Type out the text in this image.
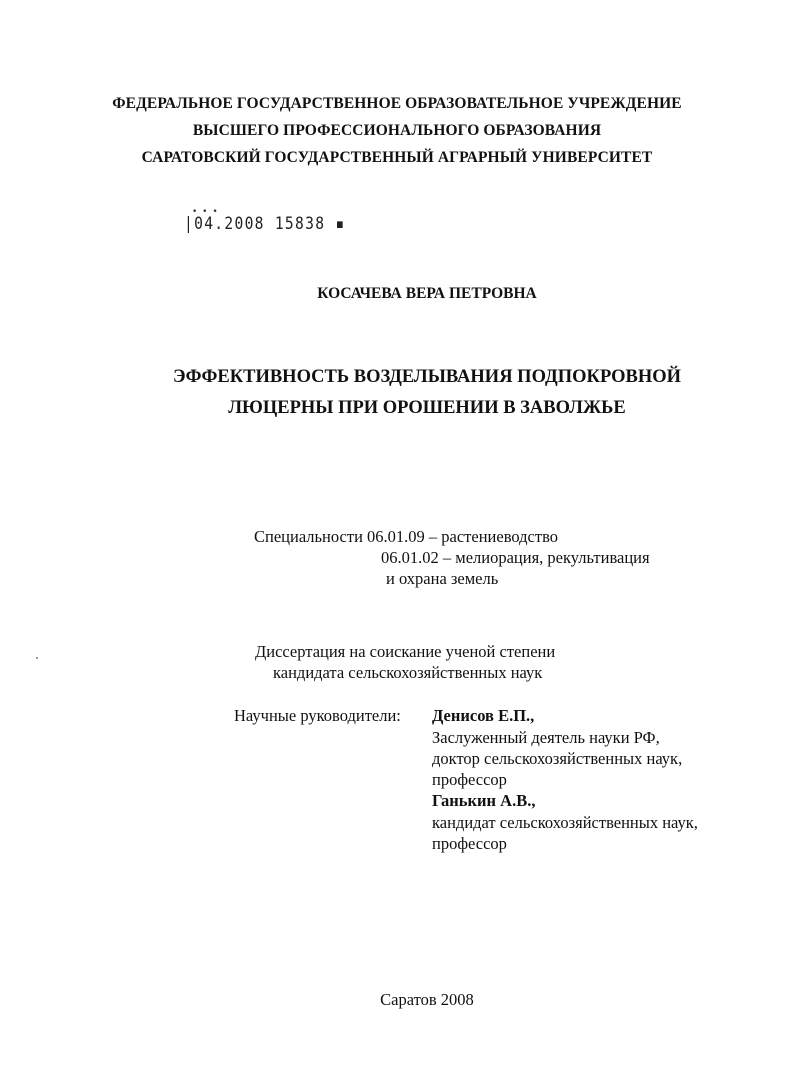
ФЕДЕРАЛЬНОЕ ГОСУДАРСТВЕННОЕ ОБРАЗОВАТЕЛЬНОЕ УЧРЕЖДЕНИЕ
ВЫСШЕГО ПРОФЕССИОНАЛЬНОГО ОБРАЗОВАНИЯ
САРАТОВСКИЙ ГОСУДАРСТВЕННЫЙ АГРАРНЫЙ УНИВЕРСИТЕТ
• • •
|04.2008 15838 ▪
КОСАЧЕВА ВЕРА ПЕТРОВНА
ЭФФЕКТИВНОСТЬ ВОЗДЕЛЫВАНИЯ ПОДПОКРОВНОЙ
ЛЮЦЕРНЫ ПРИ ОРОШЕНИИ В ЗАВОЛЖЬЕ
Специальности 06.01.09 – растениеводство
06.01.02 – мелиорация, рекультивация
и охрана земель
Диссертация на соискание ученой степени
кандидата сельскохозяйственных наук
Научные руководители: Денисов Е.П.,
Заслуженный деятель науки РФ,
доктор сельскохозяйственных наук,
профессор
Ганькин А.В.,
кандидат сельскохозяйственных наук,
профессор
Саратов 2008
